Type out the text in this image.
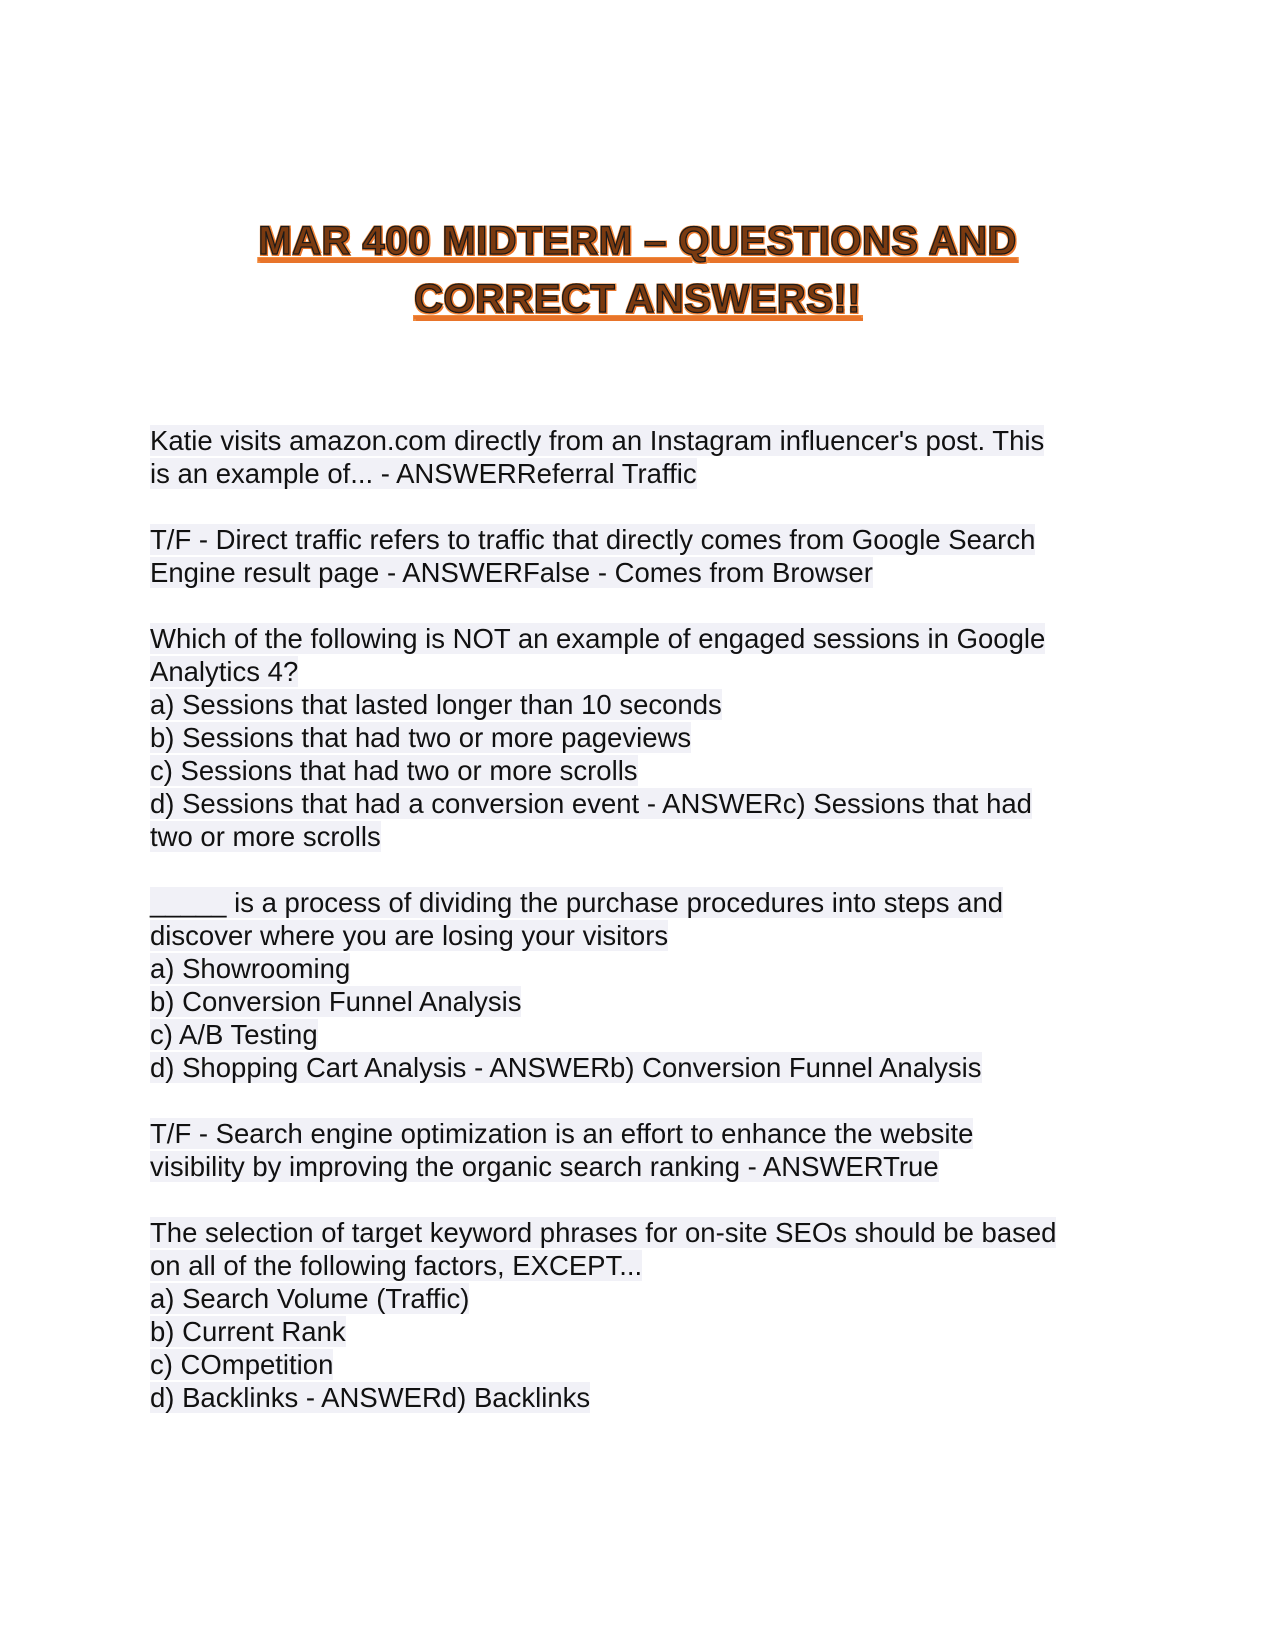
MAR 400 MIDTERM – QUESTIONS AND
CORRECT ANSWERS!!
Katie visits amazon.com directly from an Instagram influencer's post. This
is an example of... - ANSWERReferral Traffic
T/F - Direct traffic refers to traffic that directly comes from Google Search
Engine result page - ANSWERFalse - Comes from Browser
Which of the following is NOT an example of engaged sessions in Google
Analytics 4?
a) Sessions that lasted longer than 10 seconds
b) Sessions that had two or more pageviews
c) Sessions that had two or more scrolls
d) Sessions that had a conversion event - ANSWERc) Sessions that had
two or more scrolls
_____ is a process of dividing the purchase procedures into steps and
discover where you are losing your visitors
a) Showrooming
b) Conversion Funnel Analysis
c) A/B Testing
d) Shopping Cart Analysis - ANSWERb) Conversion Funnel Analysis
T/F - Search engine optimization is an effort to enhance the website
visibility by improving the organic search ranking - ANSWERTrue
The selection of target keyword phrases for on-site SEOs should be based
on all of the following factors, EXCEPT...
a) Search Volume (Traffic)
b) Current Rank
c) COmpetition
d) Backlinks - ANSWERd) Backlinks
